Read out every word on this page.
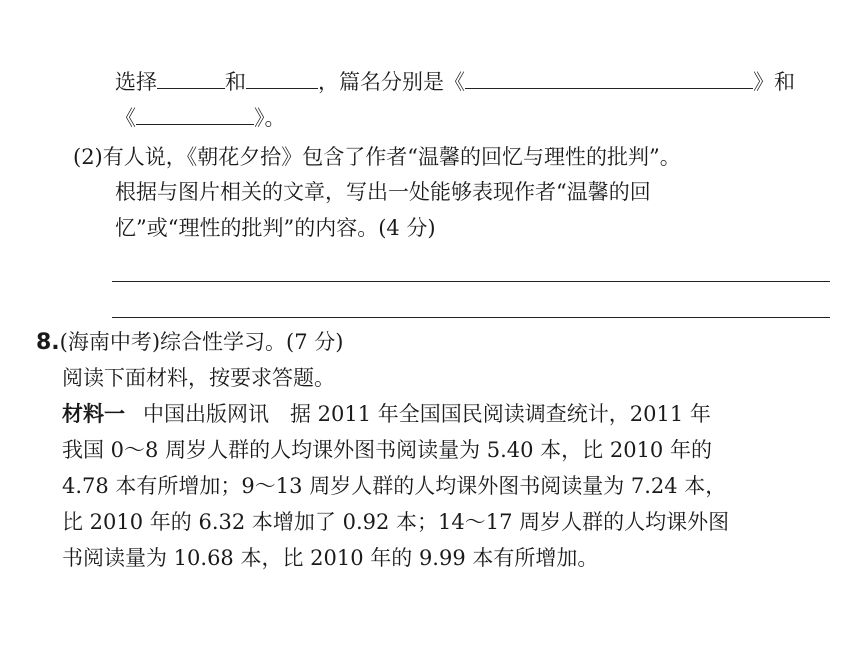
选择	和	，篇名分别是《	》和
《	》。
(2)有人说，《朝花夕拾》包含了作者“温馨的回忆与理性的批判”。
根据与图片相关的文章，写出一处能够表现作者“温馨的回
忆”或“理性的批判”的内容。(4 分)
8.(海南中考)综合性学习。(7 分)
阅读下面材料，按要求答题。
材料一 中国出版网讯　据 2011 年全国国民阅读调查统计，2011 年
我国 0～8 周岁人群的人均课外图书阅读量为 5.40 本，比 2010 年的
4.78 本有所增加；9～13 周岁人群的人均课外图书阅读量为 7.24 本，
比 2010 年的 6.32 本增加了 0.92 本；14～17 周岁人群的人均课外图
书阅读量为 10.68 本，比 2010 年的 9.99 本有所增加。
